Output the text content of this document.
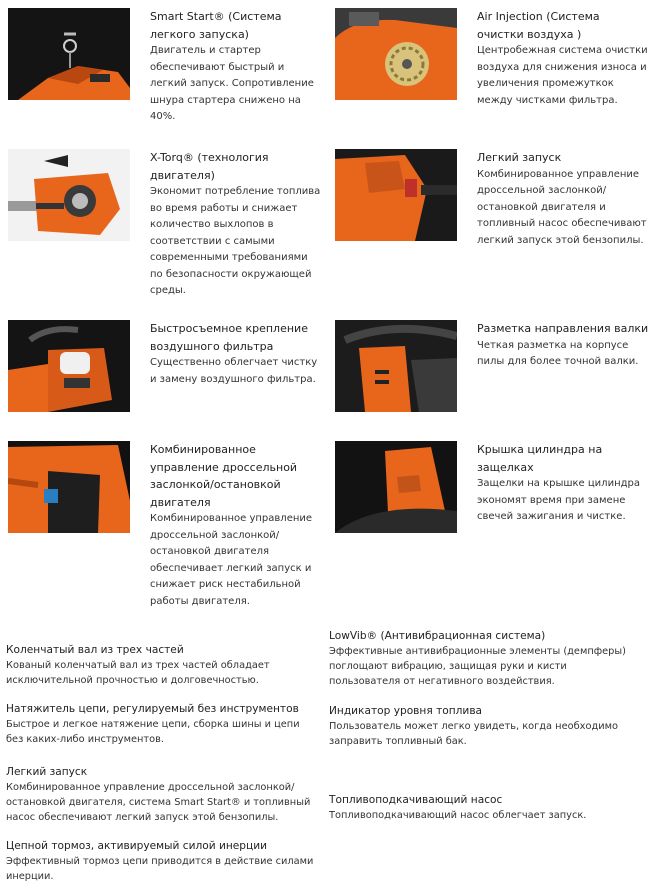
Smart Start® (Система легкого запуска)

Двигатель и стартер обеспечивают быстрый и легкий запуск. Сопротивление шнура стартера снижено на 40%.

Air Injection (Система очистки воздуха )

Центробежная система очистки воздуха для снижения износа и увеличения промежуткок между чистками фильтра.

X-Torq® (технология двигателя)

Экономит потребление топлива во время работы и снижает количество выхлопов в соответствии с самыми современными требованиями по безопасности окружающей среды.

Легкий запуск

Комбинированное управление дроссельной заслонкой/ остановкой двигателя и топливный насос обеспечивают легкий запуск этой бензопилы.

Быстросъемное крепление воздушного фильтра

Существенно облегчает чистку и замену воздушного фильтра.

Разметка направления валки

Четкая разметка на корпусе пилы для более точной валки.

Комбинированное управление дроссельной заслонкой/остановкой двигателя

Комбинированное управление дроссельной заслонкой/ остановкой двигателя обеспечивает легкий запуск и снижает риск нестабильной работы двигателя.

Крышка цилиндра на защелках

Защелки на крышке цилиндра экономят время при замене свечей зажигания и чистке.

Коленчатый вал из трех частей

Кованый коленчатый вал из трех частей обладает исключительной прочностью и долговечностью.

LowVib® (Антивибрационная система)

Эффективные антивибрационные элементы (демпферы) поглощают вибрацию, защищая руки и кисти пользователя от негативного воздействия.

Натяжитель цепи, регулируемый без инструментов

Быстрое и легкое натяжение цепи, сборка шины и цепи без каких-либо инструментов.

Индикатор уровня топлива

Пользователь может легко увидеть, когда необходимо заправить топливный бак.

Легкий запуск

Комбинированное управление дроссельной заслонкой/ остановкой двигателя, система Smart Start® и топливный насос обеспечивают легкий запуск этой бензопилы.

Топливоподкачивающий насос

Топливоподкачивающий насос облегчает запуск.

Цепной тормоз, активируемый силой инерции

Эффективный тормоз цепи приводится в действие силами инерции.
